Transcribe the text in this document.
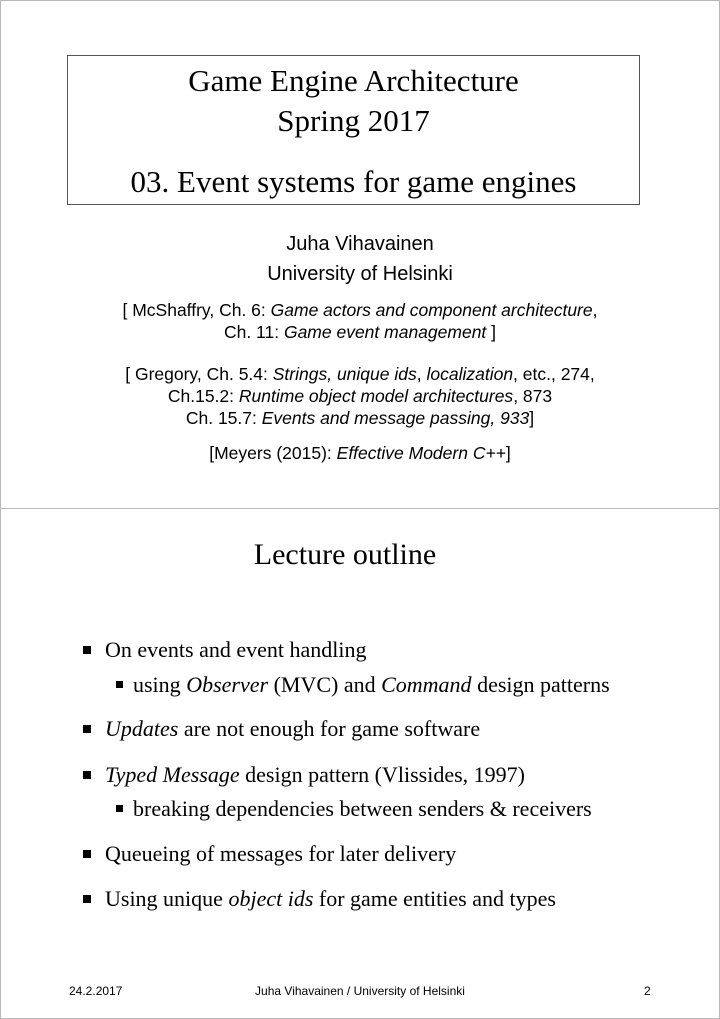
Game Engine Architecture
Spring 2017
03. Event systems for game engines
Juha Vihavainen
University of Helsinki
[ McShaffry, Ch. 6: Game actors and component architecture,
Ch. 11: Game event management ]
[ Gregory, Ch. 5.4: Strings, unique ids, localization, etc., 274,
Ch.15.2: Runtime object model architectures, 873
Ch. 15.7: Events and message passing, 933]
[Meyers (2015): Effective Modern C++]
Lecture outline
On events and event handling
using Observer (MVC) and Command design patterns
Updates are not enough for game software
Typed Message design pattern (Vlissides, 1997)
breaking dependencies between senders & receivers
Queueing of messages for later delivery
Using unique object ids for game entities and types
24.2.2017	Juha Vihavainen / University of Helsinki	2
